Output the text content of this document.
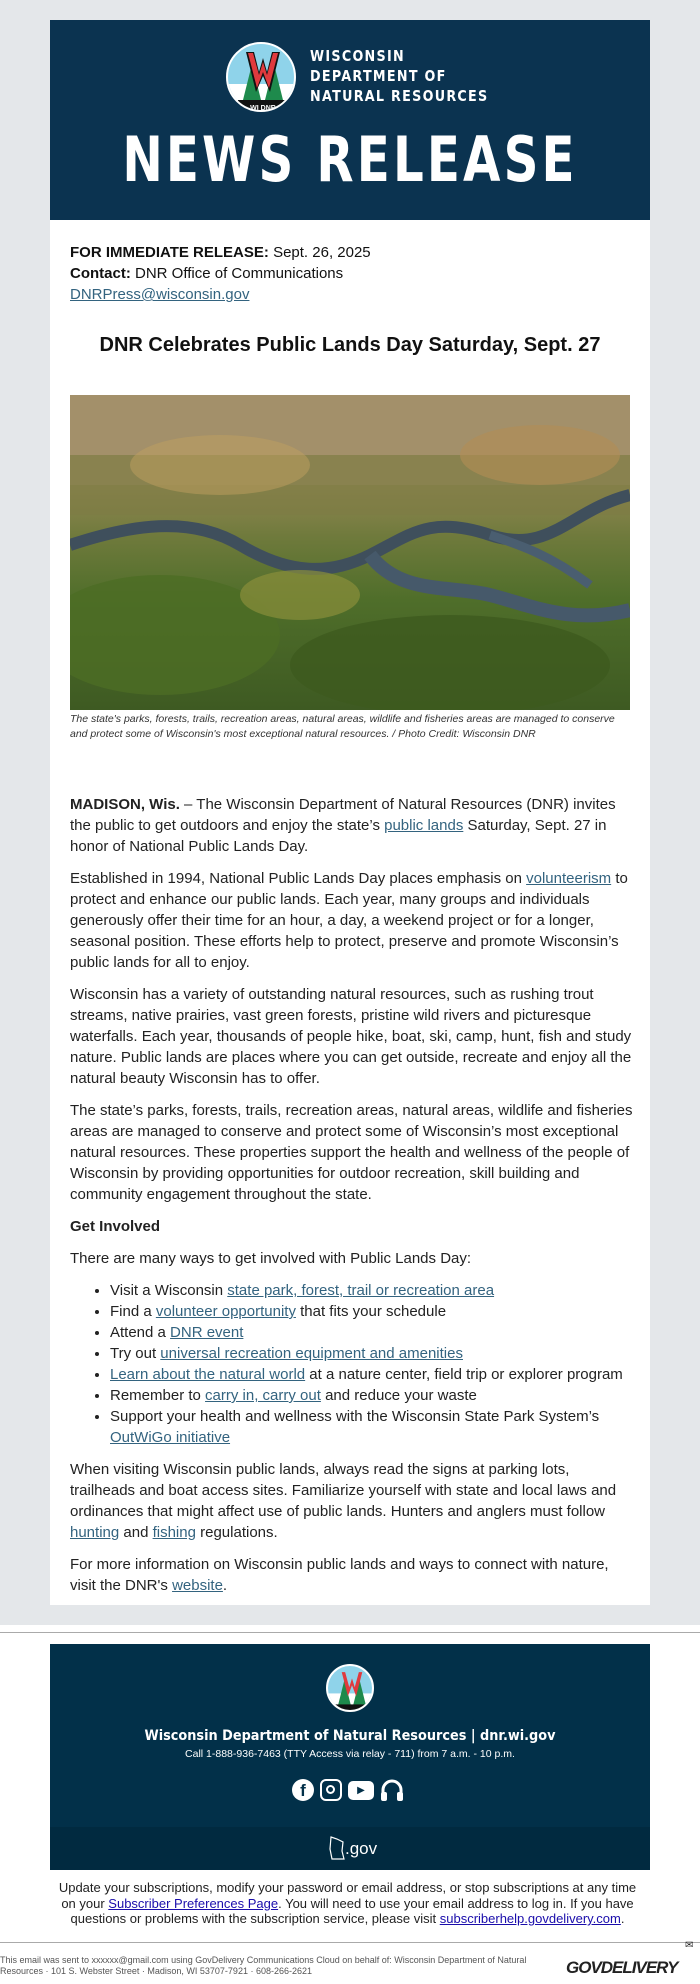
WI DNR
WISCONSIN
DEPARTMENT OF
NATURAL RESOURCES
NEWS RELEASE
FOR IMMEDIATE RELEASE: Sept. 26, 2025
Contact: DNR Office of Communications
DNRPress@wisconsin.gov
DNR Celebrates Public Lands Day Saturday, Sept. 27
The state's parks, forests, trails, recreation areas, natural areas, wildlife and fisheries areas are managed to conserve and protect some of Wisconsin's most exceptional natural resources. / Photo Credit: Wisconsin DNR

MADISON, Wis. – The Wisconsin Department of Natural Resources (DNR) invites the public to get outdoors and enjoy the state’s public lands Saturday, Sept. 27 in honor of National Public Lands Day.

Established in 1994, National Public Lands Day places emphasis on volunteerism to protect and enhance our public lands. Each year, many groups and individuals generously offer their time for an hour, a day, a weekend project or for a longer, seasonal position. These efforts help to protect, preserve and promote Wisconsin’s public lands for all to enjoy.

Wisconsin has a variety of outstanding natural resources, such as rushing trout streams, native prairies, vast green forests, pristine wild rivers and picturesque waterfalls. Each year, thousands of people hike, boat, ski, camp, hunt, fish and study nature. Public lands are places where you can get outside, recreate and enjoy all the natural beauty Wisconsin has to offer.

The state’s parks, forests, trails, recreation areas, natural areas, wildlife and fisheries areas are managed to conserve and protect some of Wisconsin’s most exceptional natural resources. These properties support the health and wellness of the people of Wisconsin by providing opportunities for outdoor recreation, skill building and community engagement throughout the state.

Get Involved

There are many ways to get involved with Public Lands Day:

• Visit a Wisconsin state park, forest, trail or recreation area
• Find a volunteer opportunity that fits your schedule
• Attend a DNR event
• Try out universal recreation equipment and amenities
• Learn about the natural world at a nature center, field trip or explorer program
• Remember to carry in, carry out and reduce your waste
• Support your health and wellness with the Wisconsin State Park System’s OutWiGo initiative

When visiting Wisconsin public lands, always read the signs at parking lots, trailheads and boat access sites. Familiarize yourself with state and local laws and ordinances that might affect use of public lands. Hunters and anglers must follow hunting and fishing regulations.

For more information on Wisconsin public lands and ways to connect with nature, visit the DNR's website.

Wisconsin Department of Natural Resources | dnr.wi.gov
Call 1-888-936-7463 (TTY Access via relay - 711) from 7 a.m. - 10 p.m.
f	▶
.gov
Update your subscriptions, modify your password or email address, or stop subscriptions at any time on your Subscriber Preferences Page. You will need to use your email address to log in. If you have questions or problems with the subscription service, please visit subscriberhelp.govdelivery.com.
This email was sent to xxxxxx@gmail.com using GovDelivery Communications Cloud on behalf of: Wisconsin Department of Natural Resources · 101 S. Webster Street · Madison, WI 53707-7921 · 608-266-2621	GOVDELIVERY
✉
